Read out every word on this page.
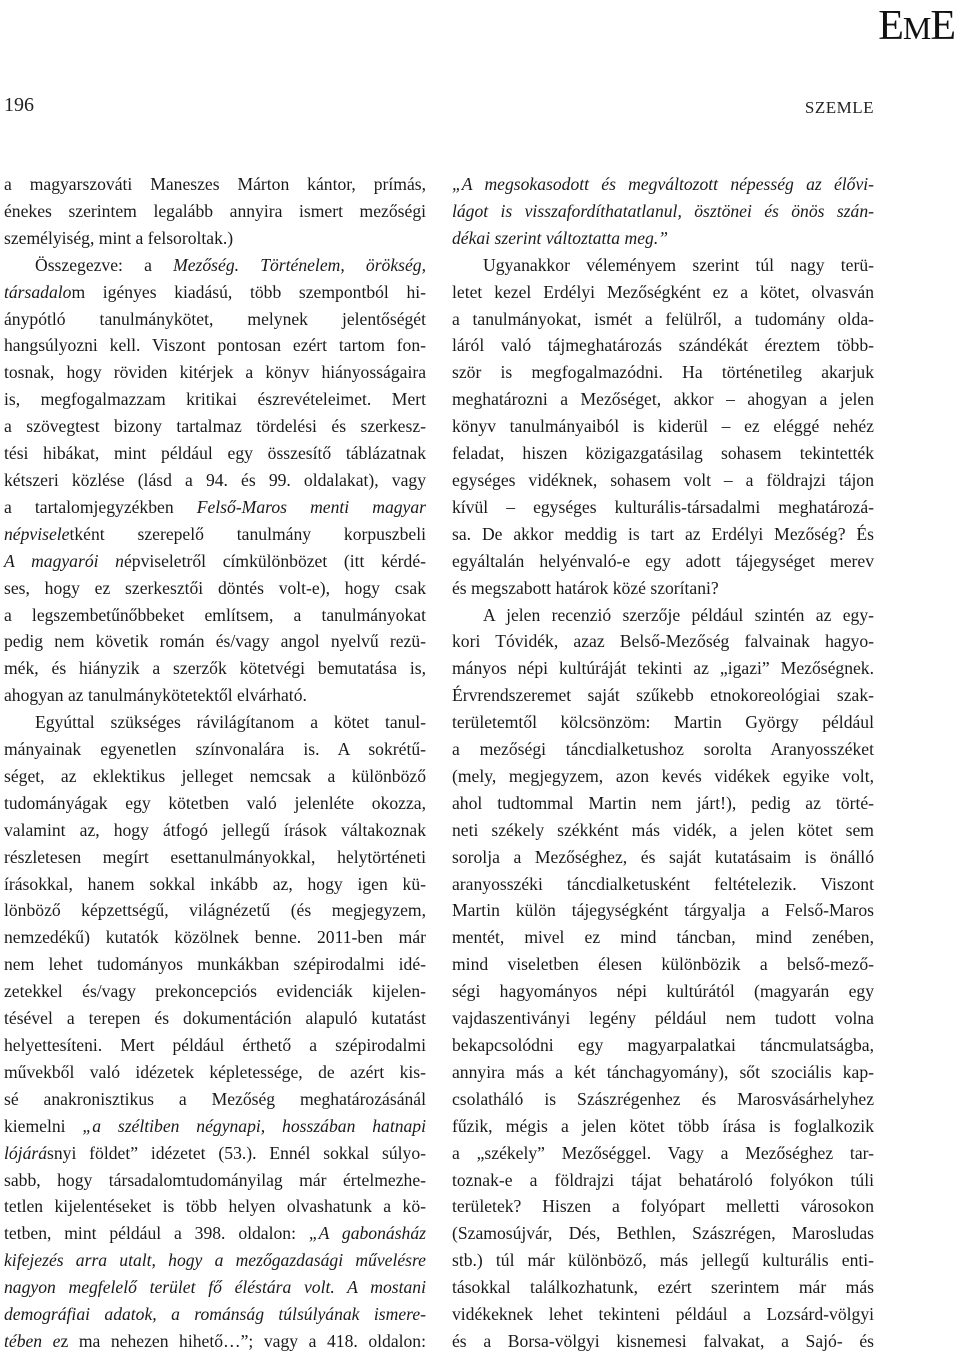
EME
196	SZEMLE
a magyarszováti Maneszes Márton kántor, prímás,
énekes szerintem legalább annyira ismert mezőségi
személyiség, mint a felsoroltak.)
Összegezve: a Mezőség. Történelem, örökség,
társadalom igényes kiadású, több szempontból hi-
ánypótló tanulmánykötet, melynek jelentőségét
hangsúlyozni kell. Viszont pontosan ezért tartom fon-
tosnak, hogy röviden kitérjek a könyv hiányosságaira
is, megfogalmazzam kritikai észrevételeimet. Mert
a szövegtest bizony tartalmaz tördelési és szerkesz-
tési hibákat, mint például egy összesítő táblázatnak
kétszeri közlése (lásd a 94. és 99. oldalakat), vagy
a tartalomjegyzékben Felső-Maros menti magyar
népviseletként szerepelő tanulmány korpuszbeli
A magyarói népviseletről címkülönbözet (itt kérdé-
ses, hogy ez szerkesztői döntés volt-e), hogy csak
a legszembetűnőbbeket említsem, a tanulmányokat
pedig nem követik román és/vagy angol nyelvű rezü-
mék, és hiányzik a szerzők kötetvégi bemutatása is,
ahogyan az tanulmánykötetektől elvárható.
Egyúttal szükséges rávilágítanom a kötet tanul-
mányainak egyenetlen színvonalára is. A sokrétű-
séget, az eklektikus jelleget nemcsak a különböző
tudományágak egy kötetben való jelenléte okozza,
valamint az, hogy átfogó jellegű írások váltakoznak
részletesen megírt esettanulmányokkal, helytörténeti
írásokkal, hanem sokkal inkább az, hogy igen kü-
lönböző képzettségű, világnézetű (és megjegyzem,
nemzedékű) kutatók közölnek benne. 2011-ben már
nem lehet tudományos munkákban szépirodalmi idé-
zetekkel és/vagy prekoncepciós evidenciák kijelen-
tésével a terepen és dokumentáción alapuló kutatást
helyettesíteni. Mert például érthető a szépirodalmi
művekből való idézetek képletessége, de azért kis-
sé anakronisztikus a Mezőség meghatározásánál
kiemelni „a széltiben négynapi, hosszában hatnapi
lójárásnyi földet” idézetet (53.). Ennél sokkal súlyo-
sabb, hogy társadalomtudományilag már értelmezhe-
tetlen kijelentéseket is több helyen olvashatunk a kö-
tetben, mint például a 398. oldalon: „A gabonásház
kifejezés arra utalt, hogy a mezőgazdasági művelésre
nagyon megfelelő terület fő éléstára volt. A mostani
demográfiai adatok, a románság túlsúlyának ismere-
tében ez ma nehezen hihető…”; vagy a 418. oldalon:
„A megsokasodott és megváltozott népesség az élővi-
lágot is visszafordíthatatlanul, ösztönei és önös szán-
dékai szerint változtatta meg.”
Ugyanakkor véleményem szerint túl nagy terü-
letet kezel Erdélyi Mezőségként ez a kötet, olvasván
a tanulmányokat, ismét a felülről, a tudomány olda-
láról való tájmeghatározás szándékát éreztem több-
ször is megfogalmazódni. Ha történetileg akarjuk
meghatározni a Mezőséget, akkor – ahogyan a jelen
könyv tanulmányaiból is kiderül – ez eléggé nehéz
feladat, hiszen közigazgatásilag sohasem tekintették
egységes vidéknek, sohasem volt – a földrajzi tájon
kívül – egységes kulturális-társadalmi meghatározá-
sa. De akkor meddig is tart az Erdélyi Mezőség? És
egyáltalán helyénvaló-e egy adott tájegységet merev
és megszabott határok közé szorítani?
A jelen recenzió szerzője például szintén az egy-
kori Tóvidék, azaz Belső-Mezőség falvainak hagyo-
mányos népi kultúráját tekinti az „igazi” Mezőségnek.
Érvrendszeremet saját szűkebb etnokoreológiai szak-
területemtől kölcsönzöm: Martin György például
a mezőségi táncdialketushoz sorolta Aranyosszéket
(mely, megjegyzem, azon kevés vidékek egyike volt,
ahol tudtommal Martin nem járt!), pedig az törté-
neti székely székként más vidék, a jelen kötet sem
sorolja a Mezőséghez, és saját kutatásaim is önálló
aranyosszéki táncdialketusként feltételezik. Viszont
Martin külön tájegységként tárgyalja a Felső-Maros
mentét, mivel ez mind táncban, mind zenében,
mind viseletben élesen különbözik a belső-mező-
ségi hagyományos népi kultúrától (magyarán egy
vajdaszentiványi legény például nem tudott volna
bekapcsolódni egy magyarpalatkai táncmulatságba,
annyira más a két tánchagyomány), sőt szociális kap-
csolatháló is Szászrégenhez és Marosvásárhelyhez
fűzik, mégis a jelen kötet több írása is foglalkozik
a „székely” Mezőséggel. Vagy a Mezőséghez tar-
toznak-e a földrajzi tájat behatároló folyókon túli
területek? Hiszen a folyópart melletti városokon
(Szamosújvár, Dés, Bethlen, Szászrégen, Marosludas
stb.) túl már különböző, más jellegű kulturális enti-
tásokkal találkozhatunk, ezért szerintem már más
vidékeknek lehet tekinteni például a Lozsárd-völgyi
és a Borsa-völgyi kisnemesi falvakat, a Sajó- és
